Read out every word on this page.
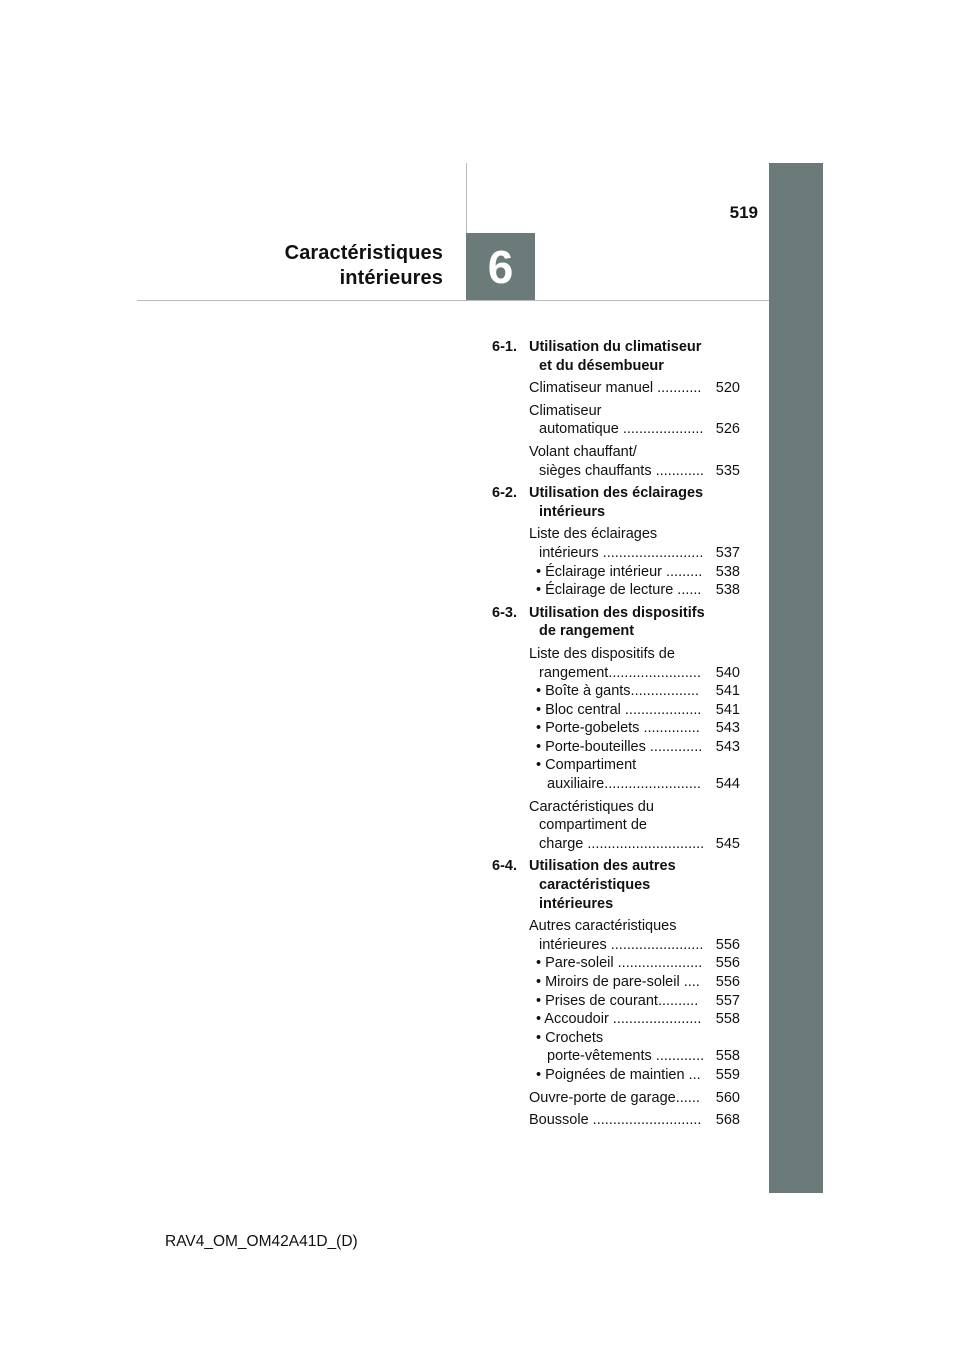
6
519
Caractéristiques
intérieures
6-1. Utilisation du climatiseur
et du désembueur
Climatiseur manuel ........... 520
Climatiseur
automatique .................... 526
Volant chauffant/
sièges chauffants ............ 535
6-2. Utilisation des éclairages
intérieurs
Liste des éclairages
intérieurs ......................... 537
• Éclairage intérieur ......... 538
• Éclairage de lecture ...... 538
6-3. Utilisation des dispositifs
de rangement
Liste des dispositifs de
rangement.......................	540
• Boîte à gants.................	541
• Bloc central ................... 541
• Porte-gobelets ..............	543
• Porte-bouteilles ............. 543
• Compartiment
auxiliaire........................	544
Caractéristiques du
compartiment de
charge ............................. 545
6-4. Utilisation des autres
caractéristiques
intérieures
Autres caractéristiques
intérieures ....................... 556
• Pare-soleil ..................... 556
• Miroirs de pare-soleil ....	556
• Prises de courant..........	557
• Accoudoir ...................... 558
• Crochets
porte-vêtements ............ 558
• Poignées de maintien ...	559
Ouvre-porte de garage......	560
Boussole ........................... 568
RAV4_OM_OM42A41D_(D)
